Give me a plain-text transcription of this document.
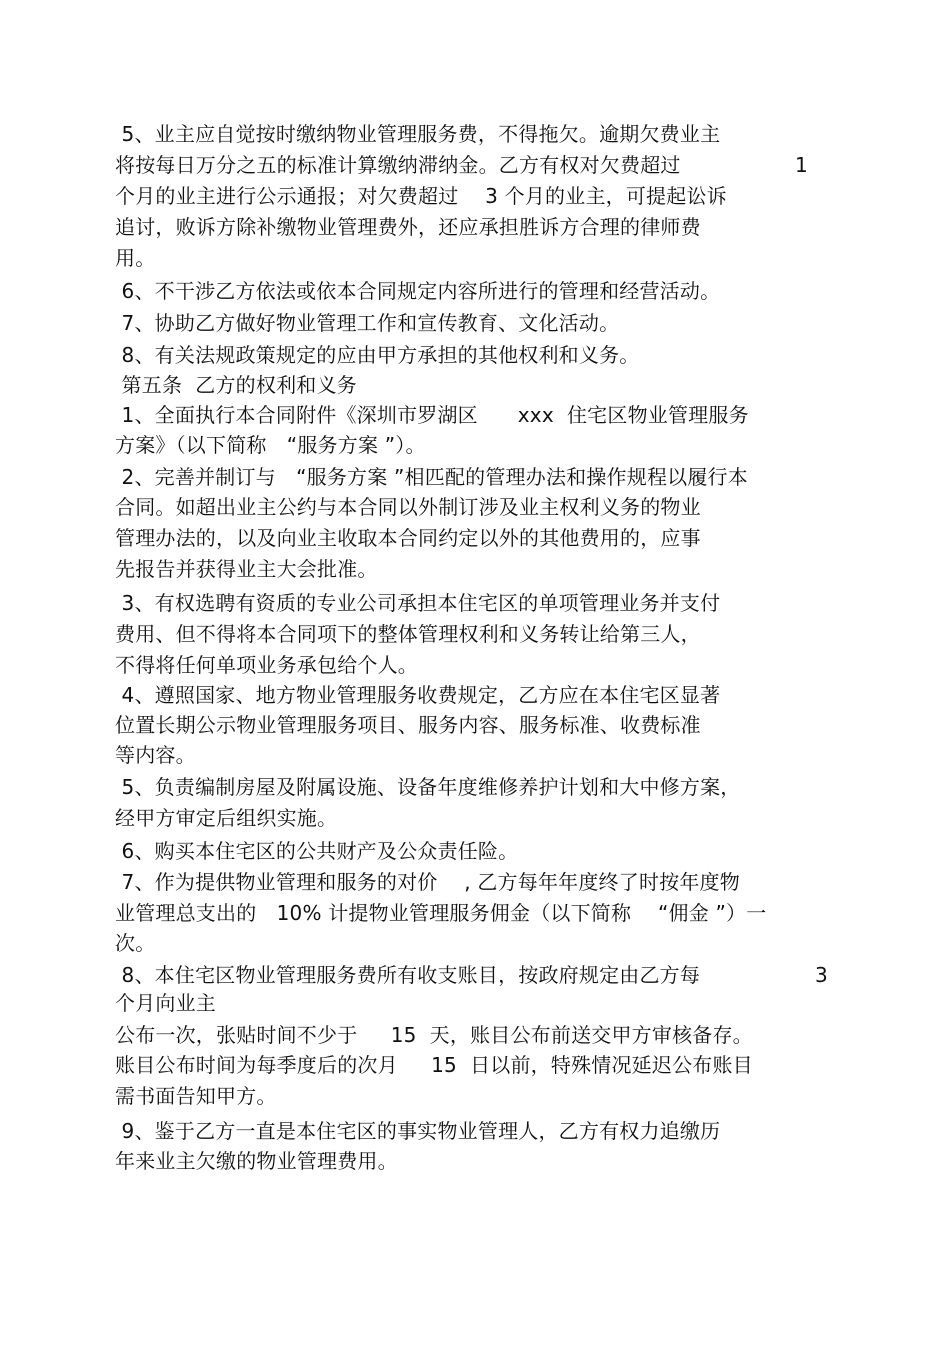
5、业主应自觉按时缴纳物业管理服务费，不得拖欠。逾期欠费业主
将按每日万分之五的标准计算缴纳滞纳金。乙方有权对欠费超过	1
个月的业主进行公示通报；对欠费超过　 3 个月的业主，可提起讼诉
追讨，败诉方除补缴物业管理费外，还应承担胜诉方合理的律师费
用。
6、不干涉乙方依法或依本合同规定内容所进行的管理和经营活动。
7、协助乙方做好物业管理工作和宣传教育、文化活动。
8、有关法规政策规定的应由甲方承担的其他权利和义务。
第五条  乙方的权利和义务
1、全面执行本合同附件《深圳市罗湖区　   xxx  住宅区物业管理服务
方案》（以下简称　“服务方案 ”）。
2、完善并制订与　“服务方案 ”相匹配的管理办法和操作规程以履行本
合同。如超出业主公约与本合同以外制订涉及业主权利义务的物业
管理办法的，以及向业主收取本合同约定以外的其他费用的，应事
先报告并获得业主大会批准。
3、有权选聘有资质的专业公司承担本住宅区的单项管理业务并支付
费用、但不得将本合同项下的整体管理权利和义务转让给第三人，
不得将任何单项业务承包给个人。
4、遵照国家、地方物业管理服务收费规定，乙方应在本住宅区显著
位置长期公示物业管理服务项目、服务内容、服务标准、收费标准
等内容。
5、负责编制房屋及附属设施、设备年度维修养护计划和大中修方案，
经甲方审定后组织实施。
6、购买本住宅区的公共财产及公众责任险。
7、作为提供物业管理和服务的对价　 , 乙方每年年度终了时按年度物
业管理总支出的　10% 计提物业管理服务佣金（以下简称　 “佣金 ”）一
次。
8、本住宅区物业管理服务费所有收支账目，按政府规定由乙方每	3
个月向业主
公布一次，张贴时间不少于　  15  天，账目公布前送交甲方审核备存。
账目公布时间为每季度后的次月　  15  日以前，特殊情况延迟公布账目
需书面告知甲方。
9、鉴于乙方一直是本住宅区的事实物业管理人，乙方有权力追缴历
年来业主欠缴的物业管理费用。
